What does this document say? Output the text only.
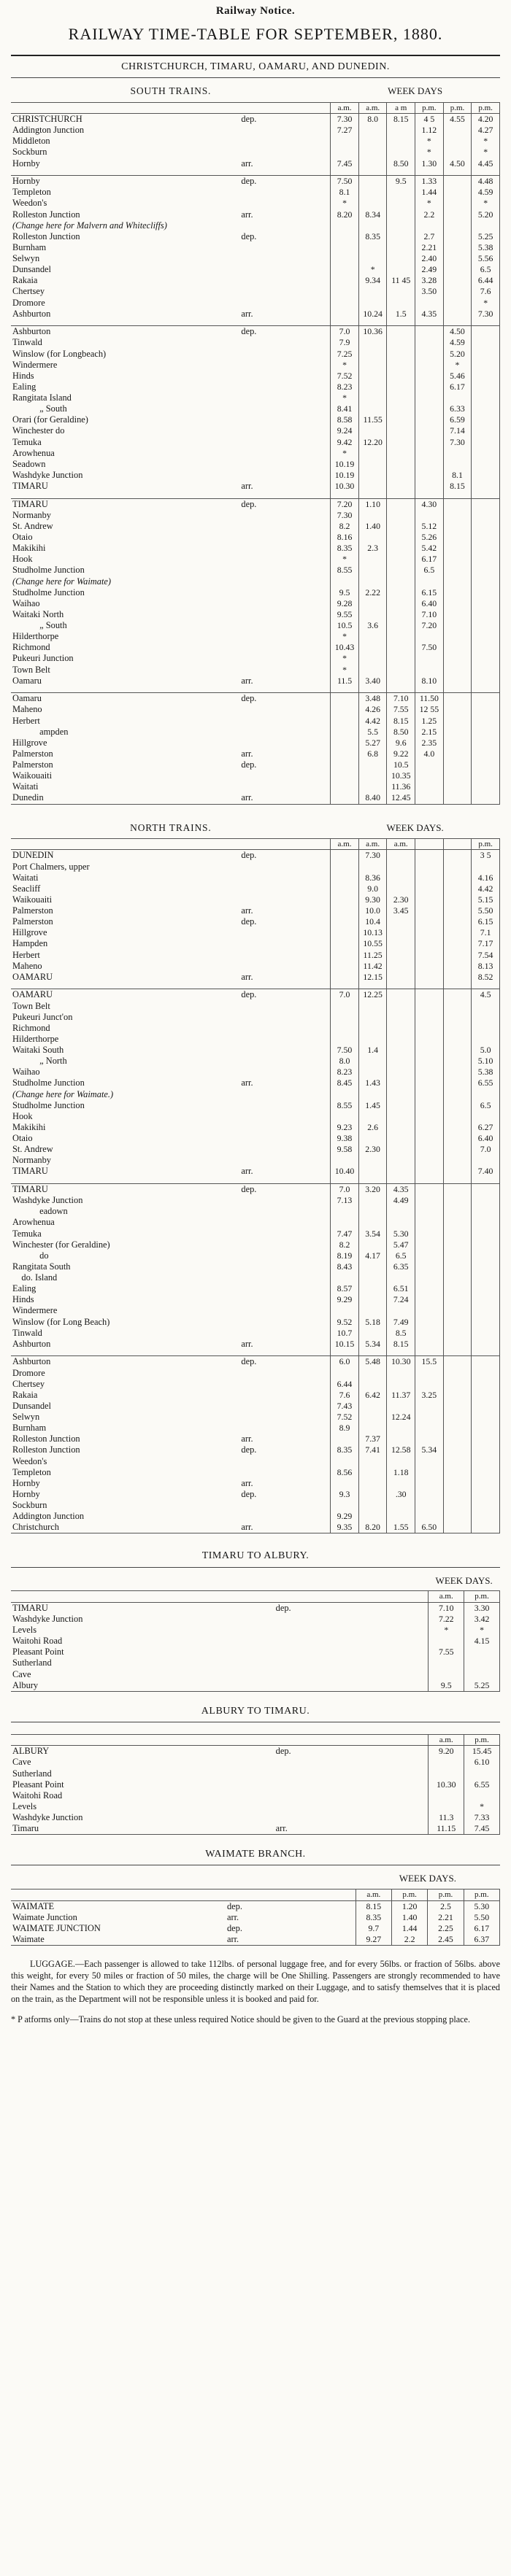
Railway Notice.
RAILWAY TIME-TABLE FOR SEPTEMBER, 1880.
CHRISTCHURCH, TIMARU, OAMARU, AND DUNEDIN.
SOUTH TRAINS.		WEEK DAYS					
		a.m.	a.m.	a m	p.m.	p.m.	p.m.
CHRISTCHURCH	dep.	7.30	8.0	8.15	4 5	4.55	4.20
Addington Junction		7.27			1.12		4.27
Middleton					*		*
Sockburn					*		*
Hornby	arr.	7.45		8.50	1.30	4.50	4.45

Hornby	dep.	7.50		9.5	1.33		4.48
Templeton		8.1			1.44		4.59
Weedon's		*			*		*
Rolleston Junction	arr.	8.20	8.34		2.2		5.20
(Change here for Malvern and Whitecliffs)							
Rolleston Junction	dep.		8.35		2.7		5.25
Burnham					2.21		5.38
Selwyn					2.40		5.56
Dunsandel			*		2.49		6.5
Rakaia			9.34	11 45	3.28		6.44
Chertsey					3.50		7.6
Dromore							*
Ashburton	arr.		10.24	1.5	4.35		7.30

Ashburton	dep.	7.0	10.36			4.50	
Tinwald		7.9				4.59	
Winslow (for Longbeach)		7.25				5.20	
Windermere		*				*	
Hinds		7.52				5.46	
Ealing		8.23				6.17	
Rangitata Island		*					
„ South		8.41				6.33	
Orari (for Geraldine)		8.58	11.55			6.59	
Winchester do		9.24				7.14	
Temuka		9.42	12.20			7.30	
Arowhenua		*					
Seadown		10.19					
Washdyke Junction		10.19				8.1	
TIMARU	arr.	10.30				8.15	

TIMARU	dep.	7.20	1.10		4.30		
Normanby		7.30					
St. Andrew		8.2	1.40		5.12		
Otaio		8.16			5.26		
Makikihi		8.35	2.3		5.42		
Hook		*			6.17		
Studholme Junction		8.55			6.5		
(Change here for Waimate)							
Studholme Junction		9.5	2.22		6.15		
Waihao		9.28			6.40		
Waitaki North		9.55			7.10		
„ South		10.5	3.6		7.20		
Hilderthorpe		*					
Richmond		10.43			7.50		
Pukeuri Junction		*					
Town Belt		*					
Oamaru	arr.	11.5	3.40		8.10		

Oamaru	dep.		3.48	7.10	11.50		
Maheno			4.26	7.55	12 55		
Herbert			4.42	8.15	1.25		
ampden			5.5	8.50	2.15		
Hillgrove			5.27	9.6	2.35		
Palmerston	arr.		6.8	9.22	4.0		
Palmerston	dep.			10.5			
Waikouaiti				10.35			
Waitati				11.36			
Dunedin	arr.		8.40	12.45			
NORTH TRAINS.		WEEK DAYS.					
		a.m.	a.m.	a.m.			p.m.
DUNEDIN	dep.		7.30				3 5
Port Chalmers, upper							
Waitati			8.36				4.16
Seacliff			9.0				4.42
Waikouaiti			9.30	2.30			5.15
Palmerston	arr.		10.0	3.45			5.50
Palmerston	dep.		10.4				6.15
Hillgrove			10.13				7.1
Hampden			10.55				7.17
Herbert			11.25				7.54
Maheno			11.42				8.13
OAMARU	arr.		12.15				8.52

OAMARU	dep.	7.0	12.25				4.5
Town Belt							
Pukeuri Junct'on							
Richmond							
Hilderthorpe							
Waitaki South		7.50	1.4				5.0
„ North		8.0					5.10
Waihao		8.23					5.38
Studholme Junction	arr.	8.45	1.43				6.55
(Change here for Waimate.)							
Studholme Junction		8.55	1.45				6.5
Hook							
Makikihi		9.23	2.6				6.27
Otaio		9.38					6.40
St. Andrew		9.58	2.30				7.0
Normanby							
TIMARU	arr.	10.40					7.40

TIMARU	dep.	7.0	3.20	4.35			
Washdyke Junction		7.13		4.49			
eadown							
Arowhenua							
Temuka		7.47	3.54	5.30			
Winchester (for Geraldine)		8.2		5.47			
do		8.19	4.17	6.5			
Rangitata South		8.43		6.35			
do. Island							
Ealing		8.57		6.51			
Hinds		9.29		7.24			
Windermere							
Winslow (for Long Beach)		9.52	5.18	7.49			
Tinwald		10.7		8.5			
Ashburton	arr.	10.15	5.34	8.15			

Ashburton	dep.	6.0	5.48	10.30	15.5		
Dromore							
Chertsey		6.44					
Rakaia		7.6	6.42	11.37	3.25		
Dunsandel		7.43					
Selwyn		7.52		12.24			
Burnham		8.9					
Rolleston Junction	arr.		7.37				
Rolleston Junction	dep.	8.35	7.41	12.58	5.34		
Weedon's							
Templeton		8.56		1.18			
Hornby	arr.						
Hornby	dep.	9.3		.30			
Sockburn							
Addington Junction		9.29					
Christchurch	arr.	9.35	8.20	1.55	6.50		
TIMARU TO ALBURY.
		WEEK DAYS.	
		a.m.	p.m.
TIMARU	dep.	7.10	3.30
Washdyke Junction		7.22	3.42
Levels		*	*
Waitohi Road			4.15
Pleasant Point		7.55	
Sutherland			
Cave			
Albury		9.5	5.25
ALBURY TO TIMARU.

		a.m.	p.m.
ALBURY	dep.	9.20	15.45
Cave			6.10
Sutherland			
Pleasant Point		10.30	6.55
Waitohi Road			
Levels			*
Washdyke Junction		11.3	7.33
Timaru	arr.	11.15	7.45
WAIMATE BRANCH.
		WEEK DAYS.			
		a.m.	p.m.	p.m.	p.m.
WAIMATE	dep.	8.15	1.20	2.5	5.30
Waimate Junction	arr.	8.35	1.40	2.21	5.50
WAIMATE JUNCTION	dep.	9.7	1.44	2.25	6.17
Waimate	arr.	9.27	2.2	2.45	6.37
LUGGAGE.—Each passenger is allowed to take 112lbs. of personal luggage free, and for every 56lbs. or fraction of 56lbs. above this weight, for every 50 miles or fraction of 50 miles, the charge will be One Shilling. Passengers are strongly recommended to have their Names and the Station to which they are proceeding distinctly marked on their Luggage, and to satisfy themselves that it is placed on the train, as the Department will not be responsible unless it is booked and paid for.
* P atforms only—Trains do not stop at these unless required Notice should be given to the Guard at the previous stopping place.
